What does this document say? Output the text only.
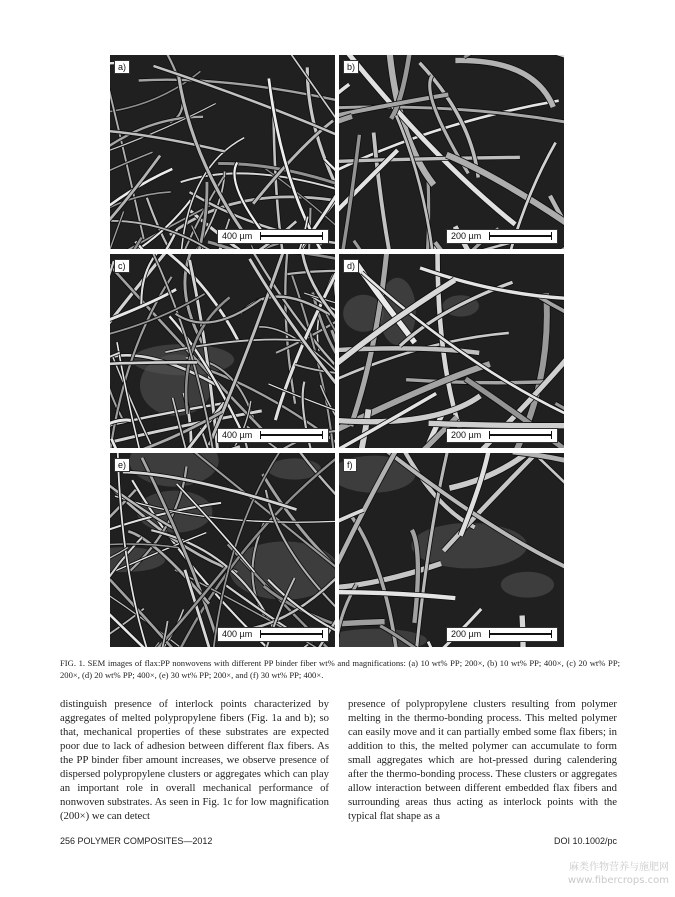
a)
400 µm
b)
200 µm
c)
400 µm
d)
200 µm
e)
400 µm
f)
200 µm
FIG. 1. SEM images of flax:PP nonwovens with different PP binder fiber wt% and magnifications: (a) 10 wt% PP; 200×, (b) 10 wt% PP; 400×, (c) 20 wt% PP; 200×, (d) 20 wt% PP; 400×, (e) 30 wt% PP; 200×, and (f) 30 wt% PP; 400×.
distinguish presence of interlock points characterized by aggregates of melted polypropylene fibers (Fig. 1a and b); so that, mechanical properties of these substrates are expected poor due to lack of adhesion between different flax fibers. As the PP binder fiber amount increases, we observe presence of dispersed polypropylene clusters or aggregates which can play an important role in overall mechanical performance of nonwoven substrates. As seen in Fig. 1c for low magnification (200×) we can detect
presence of polypropylene clusters resulting from polymer melting in the thermo-bonding process. This melted polymer can easily move and it can partially embed some flax fibers; in addition to this, the melted polymer can accumulate to form small aggregates which are hot-pressed during calendering after the thermo-bonding process. These clusters or aggregates allow interaction between different embedded flax fibers and surrounding areas thus acting as interlock points with the typical flat shape as a
256 POLYMER COMPOSITES—2012	DOI 10.1002/pc
麻类作物营养与施肥网
www.fibercrops.com
